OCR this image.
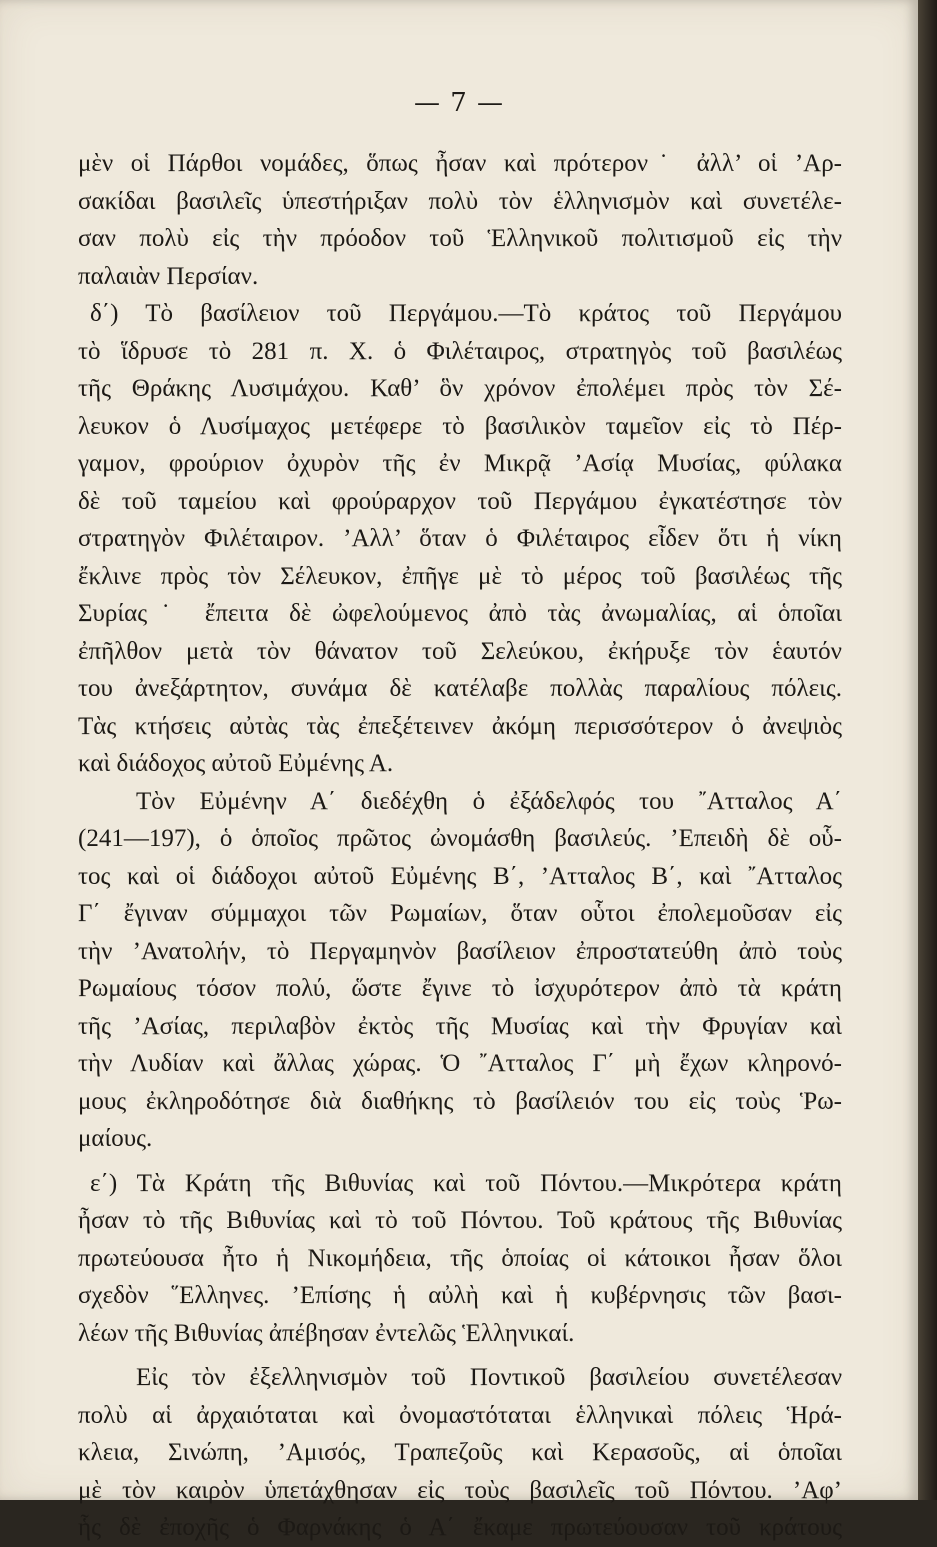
— 7 —
μὲν οἱ Πάρθοι νομάδες, ὅπως ἦσαν καὶ πρότερον˙ ἀλλ’ οἱ ’Αρ-
σακίδαι βασιλεῖς ὑπεστήριξαν πολὺ τὸν ἑλληνισμὸν καὶ συνετέλε-
σαν πολὺ εἰς τὴν πρόοδον τοῦ Ἑλληνικοῦ πολιτισμοῦ εἰς τὴν
παλαιὰν Περσίαν.
δ΄) Τὸ βασίλειον τοῦ Περγάμου.—Τὸ κράτος τοῦ Περγάμου
τὸ ἵδρυσε τὸ 281 π. Χ. ὁ Φιλέταιρος, στρατηγὸς τοῦ βασιλέως
τῆς Θράκης Λυσιμάχου. Καθ’ ὃν χρόνον ἐπολέμει πρὸς τὸν Σέ-
λευκον ὁ Λυσίμαχος μετέφερε τὸ βασιλικὸν ταμεῖον εἰς τὸ Πέρ-
γαμον, φρούριον ὀχυρὸν τῆς ἐν Μικρᾷ ’Ασίᾳ Μυσίας, φύλακα
δὲ τοῦ ταμείου καὶ φρούραρχον τοῦ Περγάμου ἐγκατέστησε τὸν
στρατηγὸν Φιλέταιρον. ’Αλλ’ ὅταν ὁ Φιλέταιρος εἶδεν ὅτι ἡ νίκη
ἔκλινε πρὸς τὸν Σέλευκον, ἐπῆγε μὲ τὸ μέρος τοῦ βασιλέως τῆς
Συρίας˙ ἔπειτα δὲ ὠφελούμενος ἀπὸ τὰς ἀνωμαλίας, αἱ ὁποῖαι
ἐπῆλθον μετὰ τὸν θάνατον τοῦ Σελεύκου, ἐκήρυξε τὸν ἑαυτόν
του ἀνεξάρτητον, συνάμα δὲ κατέλαβε πολλὰς παραλίους πόλεις.
Τὰς κτήσεις αὐτὰς τὰς ἐπεξέτεινεν ἀκόμη περισσότερον ὁ ἀνεψιὸς
καὶ διάδοχος αὐτοῦ Εὐμένης Α.
Τὸν Εὐμένην Α΄ διεδέχθη ὁ ἐξάδελφός του ῎Ατταλος Α΄
(241—197), ὁ ὁποῖος πρῶτος ὠνομάσθη βασιλεύς. ’Επειδὴ δὲ οὗ-
τος καὶ οἱ διάδοχοι αὐτοῦ Εὐμένης Β΄, ’Ατταλος Β΄, καὶ ῎Ατταλος
Γ΄ ἔγιναν σύμμαχοι τῶν Ρωμαίων, ὅταν οὗτοι ἐπολεμοῦσαν εἰς
τὴν ’Ανατολήν, τὸ Περγαμηνὸν βασίλειον ἐπροστατεύθη ἀπὸ τοὺς
Ρωμαίους τόσον πολύ, ὥστε ἔγινε τὸ ἰσχυρότερον ἀπὸ τὰ κράτη
τῆς ’Ασίας, περιλαβὸν ἐκτὸς τῆς Μυσίας καὶ τὴν Φρυγίαν καὶ
τὴν Λυδίαν καὶ ἄλλας χώρας. Ὁ ῎Ατταλος Γ΄ μὴ ἔχων κληρονό-
μους ἐκληροδότησε διὰ διαθήκης τὸ βασίλειόν του εἰς τοὺς Ῥω-
μαίους.
ε΄) Τὰ Κράτη τῆς Βιθυνίας καὶ τοῦ Πόντου.—Μικρότερα κράτη
ἦσαν τὸ τῆς Βιθυνίας καὶ τὸ τοῦ Πόντου. Τοῦ κράτους τῆς Βιθυνίας
πρωτεύουσα ἦτο ἡ Νικομήδεια, τῆς ὁποίας οἱ κάτοικοι ἦσαν ὅλοι
σχεδὸν ῞Ελληνες. ’Επίσης ἡ αὐλὴ καὶ ἡ κυβέρνησις τῶν βασι-
λέων τῆς Βιθυνίας ἀπέβησαν ἐντελῶς Ἑλληνικαί.
Εἰς τὸν ἐξελληνισμὸν τοῦ Ποντικοῦ βασιλείου συνετέλεσαν
πολὺ αἱ ἀρχαιόταται καὶ ὀνομαστόταται ἑλληνικαὶ πόλεις Ἡρά-
κλεια, Σινώπη, ’Αμισός, Τραπεζοῦς καὶ Κερασοῦς, αἱ ὁποῖαι
μὲ τὸν καιρὸν ὑπετάχθησαν εἰς τοὺς βασιλεῖς τοῦ Πόντου. ’Αφ’
ἧς δὲ ἐποχῆς ὁ Φαρνάκης ὁ Α΄ ἔκαμε πρωτεύουσαν τοῦ κράτους
